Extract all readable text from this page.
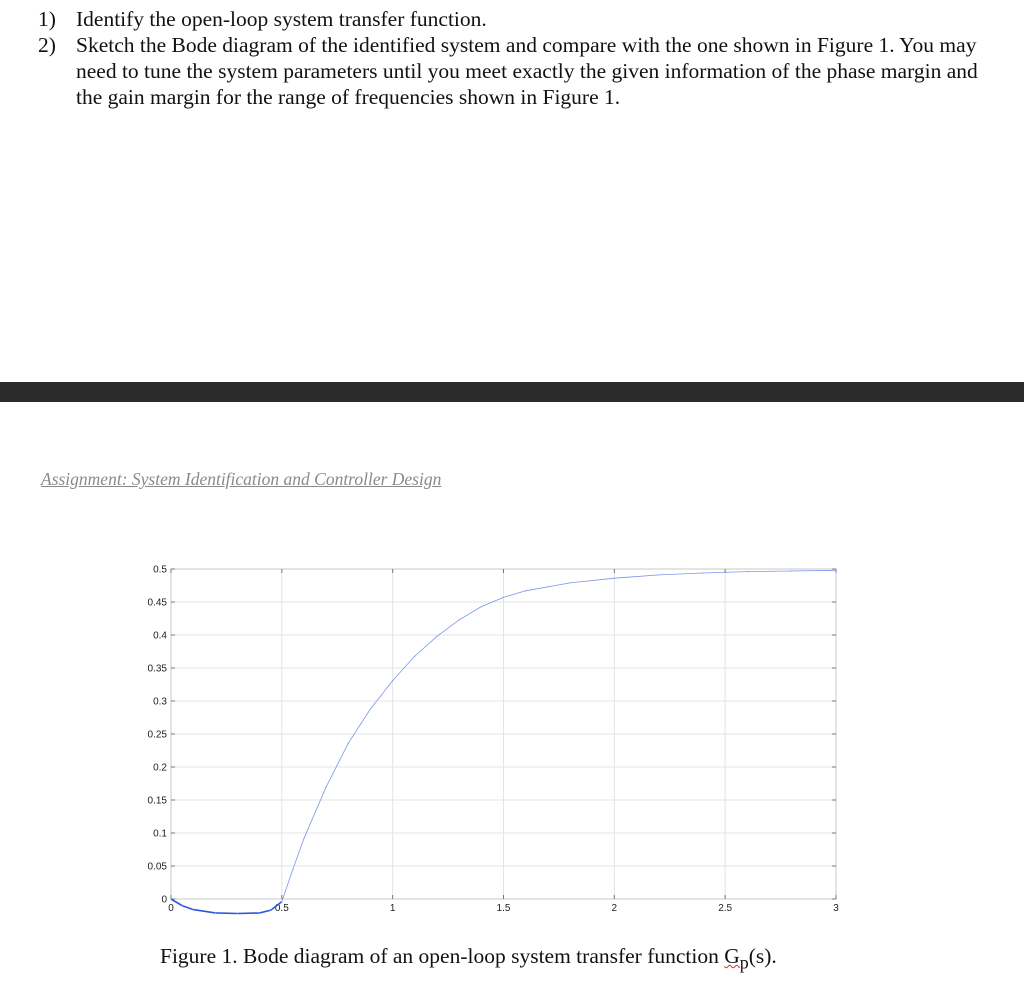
1) Identify the open-loop system transfer function.
2) Sketch the Bode diagram of the identified system and compare with the one shown in Figure 1. You may need to tune the system parameters until you meet exactly the given information of the phase margin and the gain margin for the range of frequencies shown in Figure 1.
Assignment: System Identification and Controller Design
0	0.5	1	1.5	2	2.5	3
0
0.05
0.1
0.15
0.2
0.25
0.3
0.35
0.4
0.45
0.5
Figure 1. Bode diagram of an open-loop system transfer function $G_p(s)$.
